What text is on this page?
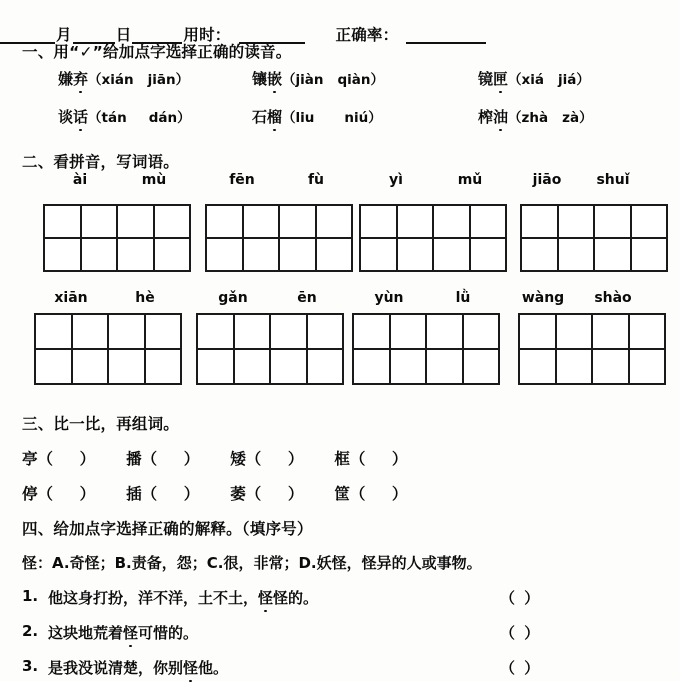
月	日	用时：	正确率：
一、用“✓”给加点字选择正确的读音。
嫌弃（xián jiān）	镶嵌（jiàn qiàn）	镜匣（xiá jiá）
谈话（tán dán）	石榴（liu niú）	榨油（zhà zà）
二、看拼音，写词语。
ài	mù	fēn	fù	yì	mǔ	jiāo	shuǐ
xiān	hè	gǎn	ēn	yùn	lǜ	wàng	shào
三、比一比，再组词。
亭（    ） 播（    ） 矮（    ） 框（    ）
停（    ） 插（    ） 萎（    ） 筐（    ）
四、给加点字选择正确的解释。（填序号）
怪：A.奇怪；B.责备，怨；C.很，非常；D.妖怪，怪异的人或事物。
1. 他这身打扮，洋不洋，土不土， 怪 怪的。	（ ）
2. 这块地荒着 怪 可惜的。	（ ）
3. 是我没说清楚，你别 怪 他。	（ ）
